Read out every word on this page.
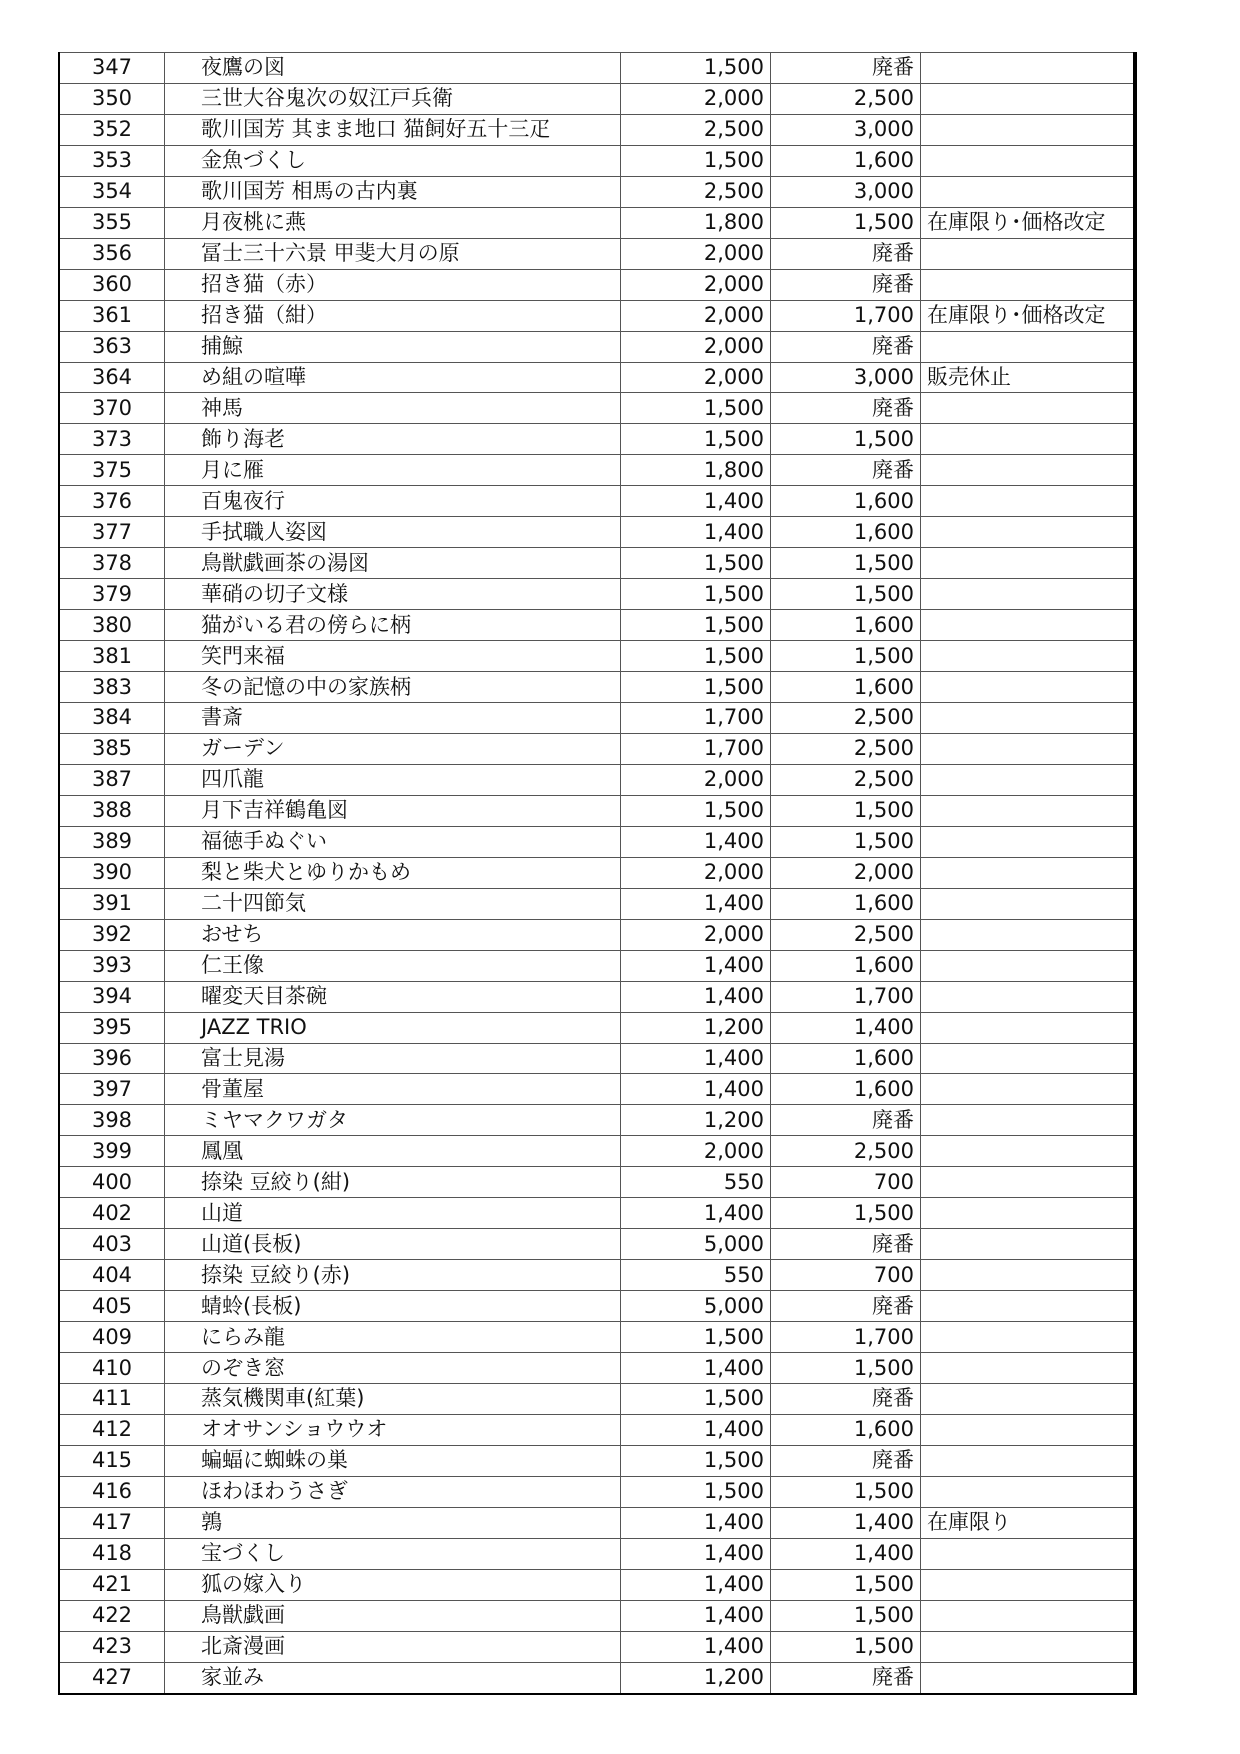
347	夜鷹の図	1,500	廃番	
350	三世大谷鬼次の奴江戸兵衛	2,000	2,500	
352	歌川国芳 其まま地口 猫飼好五十三疋	2,500	3,000	
353	金魚づくし	1,500	1,600	
354	歌川国芳 相馬の古内裏	2,500	3,000	
355	月夜桃に燕	1,800	1,500	在庫限り･価格改定
356	冨士三十六景 甲斐大月の原	2,000	廃番	
360	招き猫（赤）	2,000	廃番	
361	招き猫（紺）	2,000	1,700	在庫限り･価格改定
363	捕鯨	2,000	廃番	
364	め組の喧嘩	2,000	3,000	販売休止
370	神馬	1,500	廃番	
373	飾り海老	1,500	1,500	
375	月に雁	1,800	廃番	
376	百鬼夜行	1,400	1,600	
377	手拭職人姿図	1,400	1,600	
378	鳥獣戯画茶の湯図	1,500	1,500	
379	華硝の切子文様	1,500	1,500	
380	猫がいる君の傍らに柄	1,500	1,600	
381	笑門来福	1,500	1,500	
383	冬の記憶の中の家族柄	1,500	1,600	
384	書斎	1,700	2,500	
385	ガーデン	1,700	2,500	
387	四爪龍	2,000	2,500	
388	月下吉祥鶴亀図	1,500	1,500	
389	福徳手ぬぐい	1,400	1,500	
390	梨と柴犬とゆりかもめ	2,000	2,000	
391	二十四節気	1,400	1,600	
392	おせち	2,000	2,500	
393	仁王像	1,400	1,600	
394	曜変天目茶碗	1,400	1,700	
395	JAZZ TRIO	1,200	1,400	
396	富士見湯	1,400	1,600	
397	骨董屋	1,400	1,600	
398	ミヤマクワガタ	1,200	廃番	
399	鳳凰	2,000	2,500	
400	捺染 豆絞り(紺)	550	700	
402	山道	1,400	1,500	
403	山道(長板)	5,000	廃番	
404	捺染 豆絞り(赤)	550	700	
405	蜻蛉(長板)	5,000	廃番	
409	にらみ龍	1,500	1,700	
410	のぞき窓	1,400	1,500	
411	蒸気機関車(紅葉)	1,500	廃番	
412	オオサンショウウオ	1,400	1,600	
415	蝙蝠に蜘蛛の巣	1,500	廃番	
416	ほわほわうさぎ	1,500	1,500	
417	鶉	1,400	1,400	在庫限り
418	宝づくし	1,400	1,400	
421	狐の嫁入り	1,400	1,500	
422	鳥獣戯画	1,400	1,500	
423	北斎漫画	1,400	1,500	
427	家並み	1,200	廃番	
